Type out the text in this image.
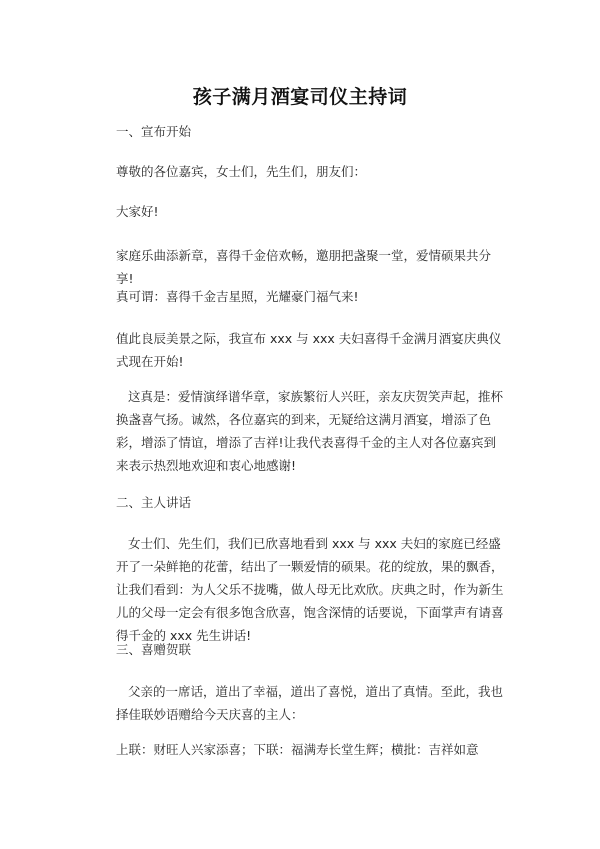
孩子满月酒宴司仪主持词
一、宣布开始
尊敬的各位嘉宾，女士们，先生们，朋友们：
大家好!
家庭乐曲添新章，喜得千金倍欢畅，邀朋把盏聚一堂，爱情硕果共分享!
真可谓：喜得千金吉星照，光耀豪门福气来!
值此良辰美景之际，我宣布 xxx 与 xxx 夫妇喜得千金满月酒宴庆典仪式现在开始!
这真是：爱情演绎谱华章，家族繁衍人兴旺，亲友庆贺笑声起，推杯换盏喜气扬。诚然，各位嘉宾的到来，无疑给这满月酒宴，增添了色彩，增添了情谊，增添了吉祥!让我代表喜得千金的主人对各位嘉宾到来表示热烈地欢迎和衷心地感谢!
二、主人讲话
女士们、先生们，我们已欣喜地看到 xxx 与 xxx 夫妇的家庭已经盛开了一朵鲜艳的花蕾，结出了一颗爱情的硕果。花的绽放，果的飘香，让我们看到：为人父乐不拢嘴，做人母无比欢欣。庆典之时，作为新生儿的父母一定会有很多饱含欣喜，饱含深情的话要说，下面掌声有请喜得千金的 xxx 先生讲话!
三、喜赠贺联
父亲的一席话，道出了幸福，道出了喜悦，道出了真情。至此，我也择佳联妙语赠给今天庆喜的主人：
上联：财旺人兴家添喜；下联：福满寿长堂生辉；横批：吉祥如意
